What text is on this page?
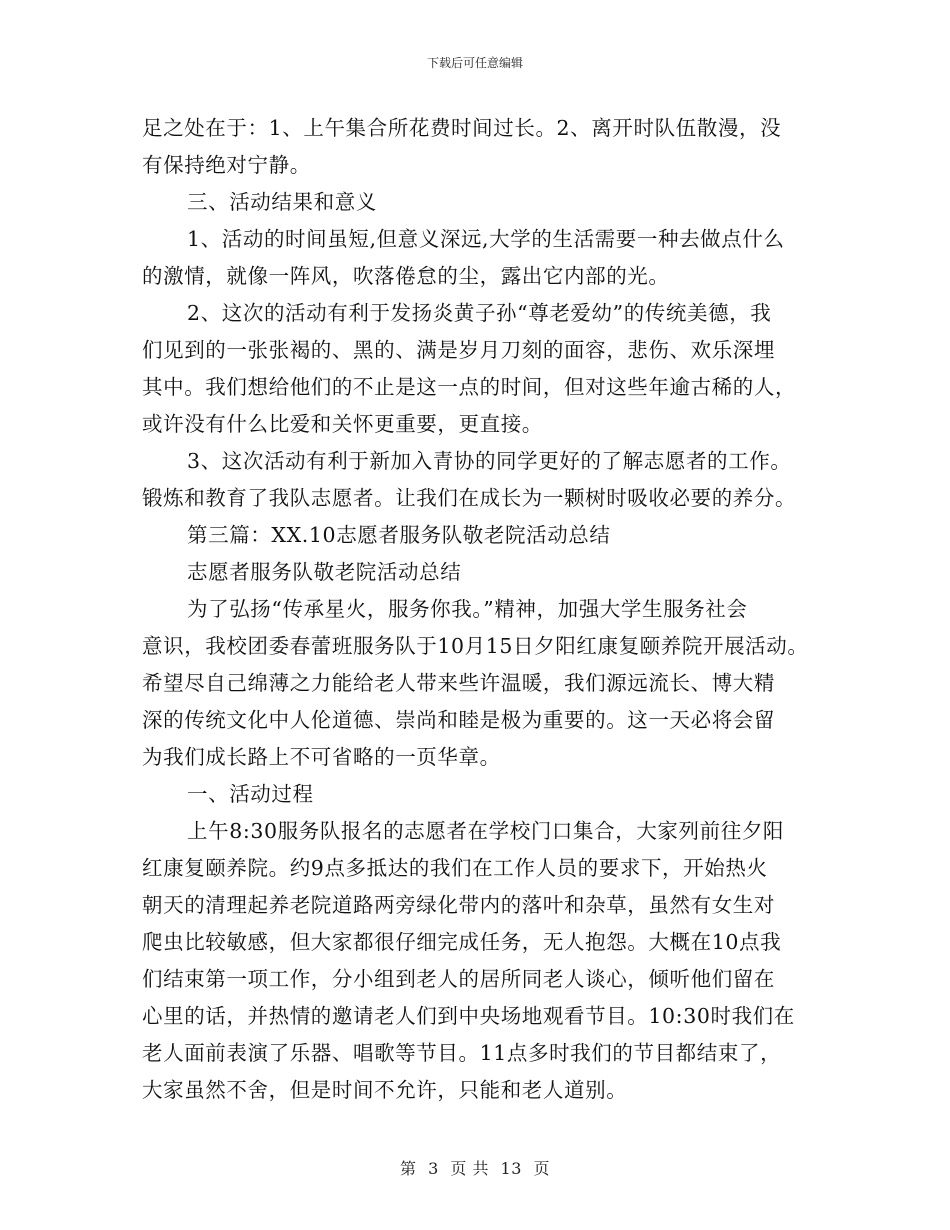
下载后可任意编辑
足之处在于：1、上午集合所花费时间过长。2、离开时队伍散漫，没
有保持绝对宁静。
三、活动结果和意义
1、活动的时间虽短,但意义深远,大学的生活需要一种去做点什么
的激情，就像一阵风，吹落倦怠的尘，露出它内部的光。
2、这次的活动有利于发扬炎黄子孙“尊老爱幼”的传统美德，我
们见到的一张张褐的、黑的、满是岁月刀刻的面容，悲伤、欢乐深埋
其中。我们想给他们的不止是这一点的时间，但对这些年逾古稀的人，
或许没有什么比爱和关怀更重要，更直接。
3、这次活动有利于新加入青协的同学更好的了解志愿者的工作。
锻炼和教育了我队志愿者。让我们在成长为一颗树时吸收必要的养分。
第三篇：XX.10志愿者服务队敬老院活动总结
志愿者服务队敬老院活动总结
为了弘扬“传承星火，服务你我。”精神，加强大学生服务社会
意识，我校团委春蕾班服务队于10月15日夕阳红康复颐养院开展活动。
希望尽自己绵薄之力能给老人带来些许温暖，我们源远流长、博大精
深的传统文化中人伦道德、崇尚和睦是极为重要的。这一天必将会留
为我们成长路上不可省略的一页华章。
一、活动过程
上午8:30服务队报名的志愿者在学校门口集合，大家列前往夕阳
红康复颐养院。约9点多抵达的我们在工作人员的要求下，开始热火
朝天的清理起养老院道路两旁绿化带内的落叶和杂草，虽然有女生对
爬虫比较敏感，但大家都很仔细完成任务，无人抱怨。大概在10点我
们结束第一项工作，分小组到老人的居所同老人谈心，倾听他们留在
心里的话，并热情的邀请老人们到中央场地观看节目。10:30时我们在
老人面前表演了乐器、唱歌等节目。11点多时我们的节目都结束了，
大家虽然不舍，但是时间不允许，只能和老人道别。
第 3 页 共 13 页
